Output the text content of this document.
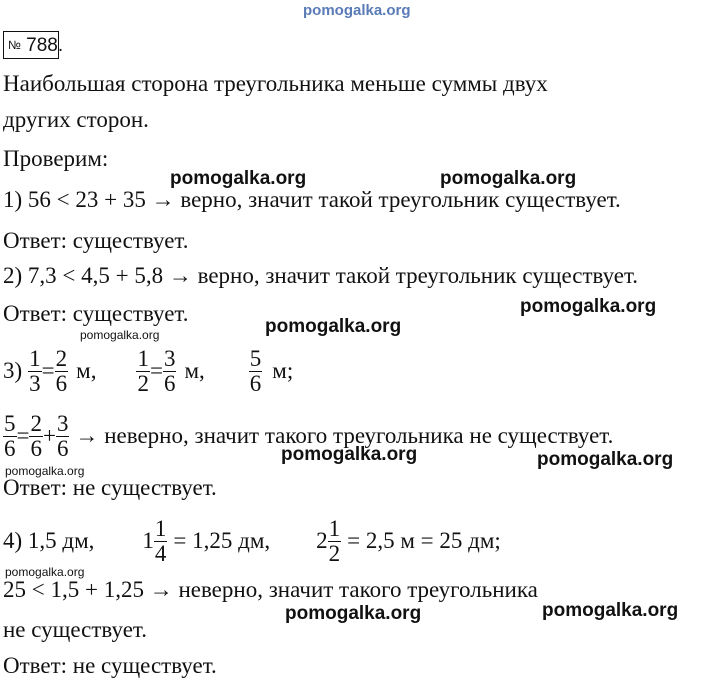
pomogalka.org
№ 788.
Наибольшая сторона треугольника меньше суммы двух
других сторон.
Проверим:
1) 56 < 23 + 35 → верно, значит такой треугольник существует.
Ответ: существует.
2) 7,3 < 4,5 + 5,8 → верно, значит такой треугольник существует.
Ответ: существует.
$3) \frac{1}{3} = \frac{2}{6} м$, $\frac{1}{2} = \frac{3}{6} м$, $\frac{5}{6} м$;
$\frac{5}{6} = \frac{2}{6} + \frac{3}{6}$ → неверно, значит такого треугольника не существует.
Ответ: не существует.
4) 1,5 дм, $1 \frac{1}{4} = 1,25$ дм, $2 \frac{1}{2} = 2,5$ м = 25 дм;
25 < 1,5 + 1,25 → неверно, значит такого треугольника
не существует.
Ответ: не существует.
pomogalka.org	pomogalka.org
pomogalka.org
pomogalka.org
pomogalka.org
pomogalka.org	pomogalka.org
pomogalka.org
pomogalka.org
pomogalka.org	pomogalka.org
